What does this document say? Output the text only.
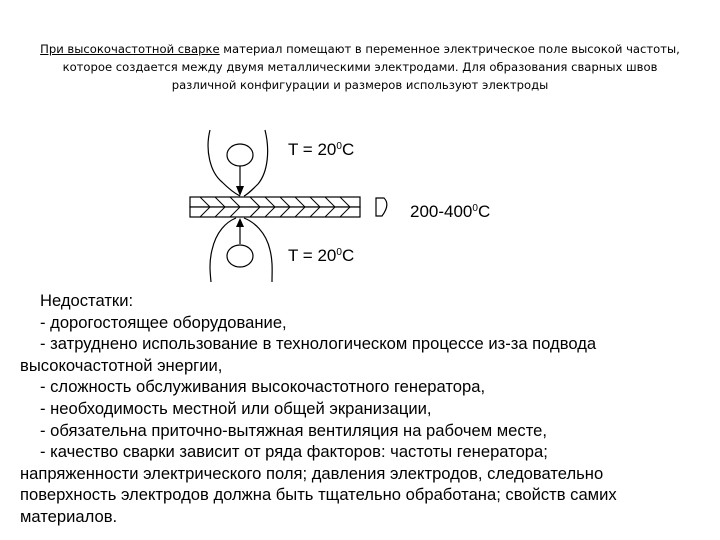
При высокочастотной сварке материал помещают в переменное электрическое поле высокой частоты,
которое создается между двумя металлическими электродами. Для образования сварных швов
различной конфигурации и размеров используют электроды
$T = 20^0C$
$200-400^0C$
$T = 20^0C$

Недостатки:

- дорогостоящее оборудование,

- затруднено использование в технологическом процессе из-за подвода

высокочастотной энергии,

- сложность обслуживания высокочастотного генератора,

- необходимость местной или общей экранизации,

- обязательна приточно-вытяжная вентиляция на рабочем месте,

- качество сварки зависит от ряда факторов: частоты генератора;

напряженности электрического поля; давления электродов, следовательно

поверхность электродов должна быть тщательно обработана; свойств самих

материалов.
